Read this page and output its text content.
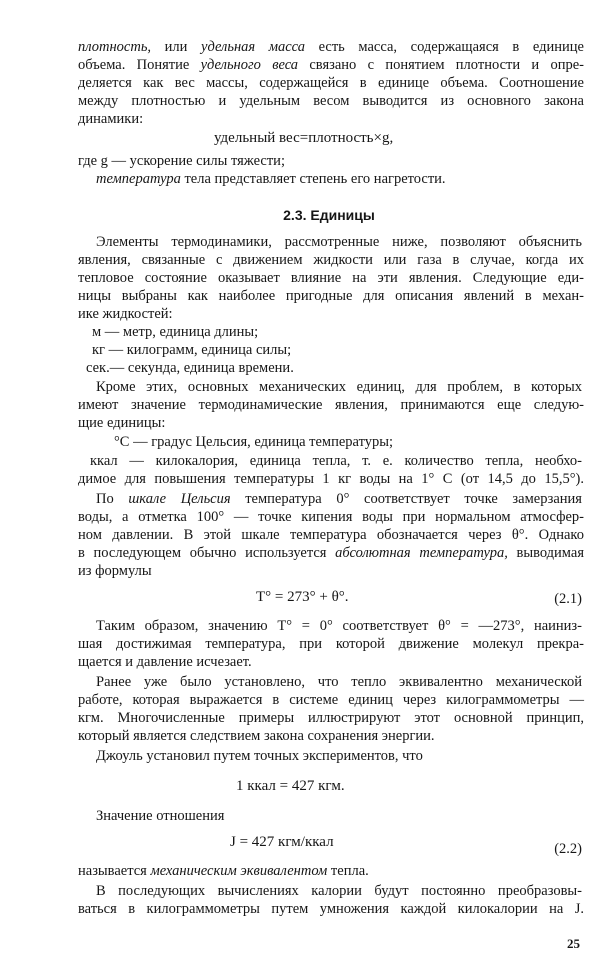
плотность, или удельная масса есть масса, содержащаяся в единице
объема. Понятие удельного веса связано с понятием плотности и опре-
деляется как вес массы, содержащейся в единице объема. Соотношение
между плотностью и удельным весом выводится из основного закона
динамики:
удельный вес=плотность×g,
где g — ускорение силы тяжести;
температура тела представляет степень его нагретости.
2.3. Единицы
Элементы термодинамики, рассмотренные ниже, позволяют объяснить
явления, связанные с движением жидкости или газа в случае, когда их
тепловое состояние оказывает влияние на эти явления. Следующие еди-
ницы выбраны как наиболее пригодные для описания явлений в механ-
ике жидкостей:
м — метр, единица длины;
кг — килограмм, единица силы;
сек.— секунда, единица времени.
Кроме этих, основных механических единиц, для проблем, в которых
имеют значение термодинамические явления, принимаются еще следую-
щие единицы:
°С — градус Цельсия, единица температуры;
ккал — килокалория, единица тепла, т. е. количество тепла, необхо-
димое для повышения температуры 1 кг воды на 1° С (от 14,5 до 15,5°).
По шкале Цельсия температура 0° соответствует точке замерзания
воды, а отметка 100° — точке кипения воды при нормальном атмосфер-
ном давлении. В этой шкале температура обозначается через θ°. Однако
в последующем обычно используется абсолютная температура, выводимая
из формулы
T° = 273° + θ°.	(2.1)
Таким образом, значению T° = 0° соответствует θ° = —273°, наиниз-
шая достижимая температура, при которой движение молекул прекра-
щается и давление исчезает.
Ранее уже было установлено, что тепло эквивалентно механической
работе, которая выражается в системе единиц через килограммометры —
кгм. Многочисленные примеры иллюстрируют этот основной принцип,
который является следствием закона сохранения энергии.
Джоуль установил путем точных экспериментов, что
1 ккал = 427 кгм.
Значение отношения
J = 427 кгм/ккал	(2.2)
называется механическим эквивалентом тепла.
В последующих вычислениях калории будут постоянно преобразовы-
ваться в килограммометры путем умножения каждой килокалории на J.
25
